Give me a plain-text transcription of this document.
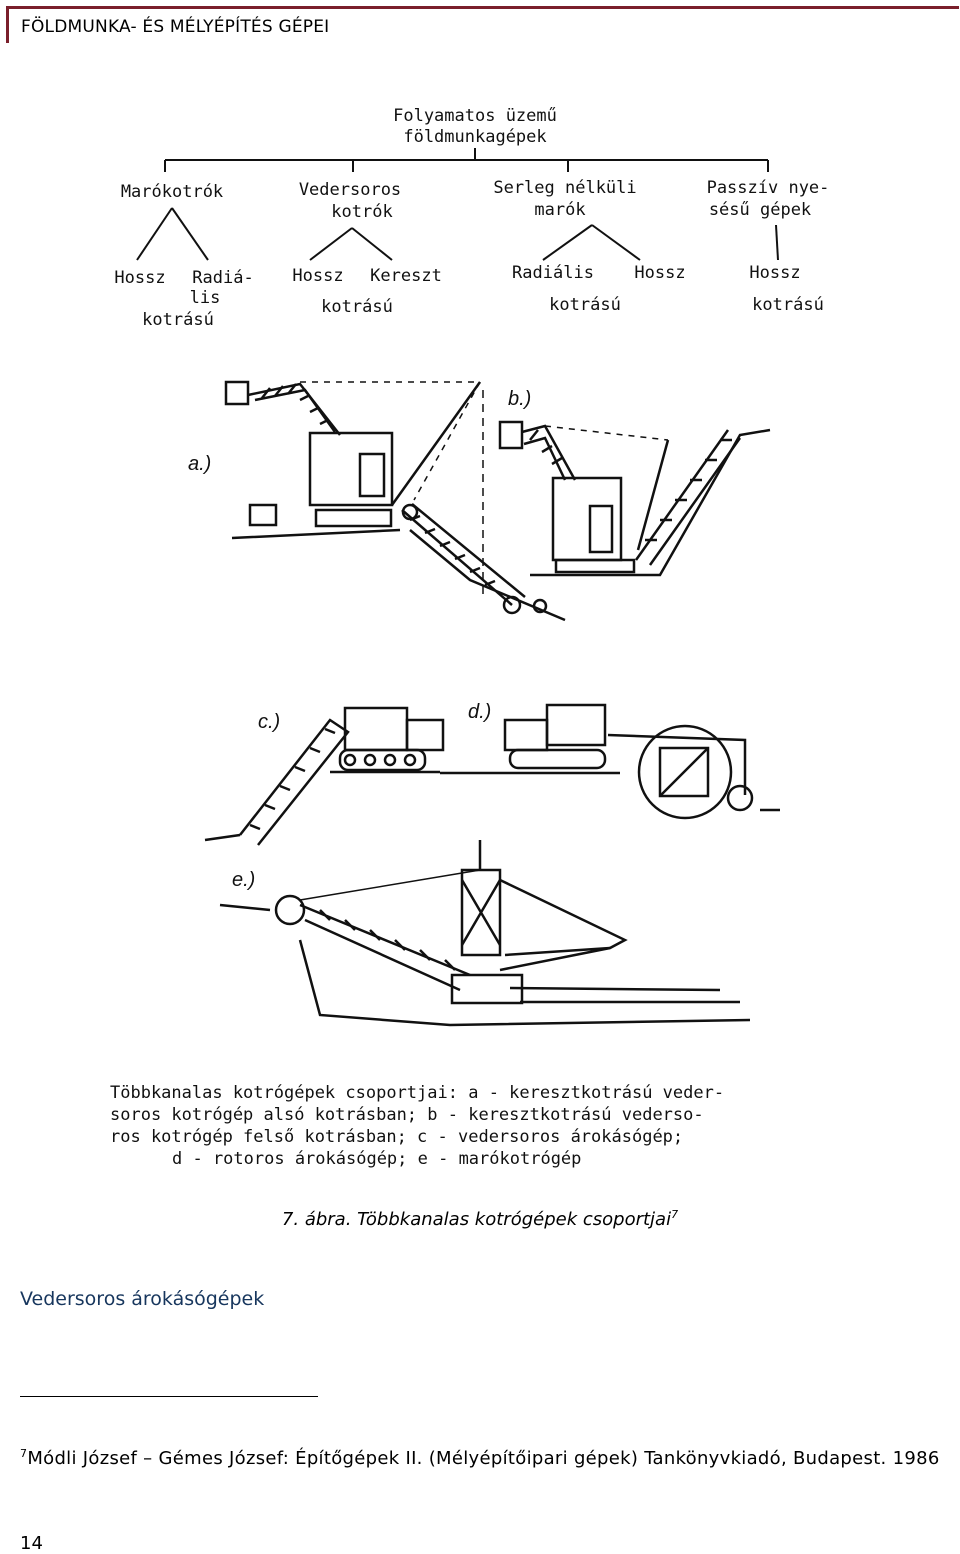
FÖLDMUNKA- ÉS MÉLYÉPÍTÉS GÉPEI
Folyamatos üzemű
földmunkagépek
Marókotrók	Vedersoros
kotrók
Serleg nélküli
marók
Passzív nye-
sésű gépek
Hossz Radiá-
lis
kotrású
Hossz Kereszt
kotrású
Radiális Hossz
kotrású
Hossz
kotrású
a.)
b.)
c.)	d.)
e.)
Többkanalas kotrógépek csoportjai: a - keresztkotrású veder-
soros kotrógép alsó kotrásban; b - keresztkotrású vederso-
ros kotrógép felső kotrásban; c - vedersoros árokásógép;
d - rotoros árokásógép; e - marókotrógép
7. ábra. Többkanalas kotrógépek csoportjai$^7$
Vedersoros árokásógépek
$^7$Módli József – Gémes József: Építőgépek II. (Mélyépítőipari gépek) Tankönyvkiadó, Budapest. 1986
14
